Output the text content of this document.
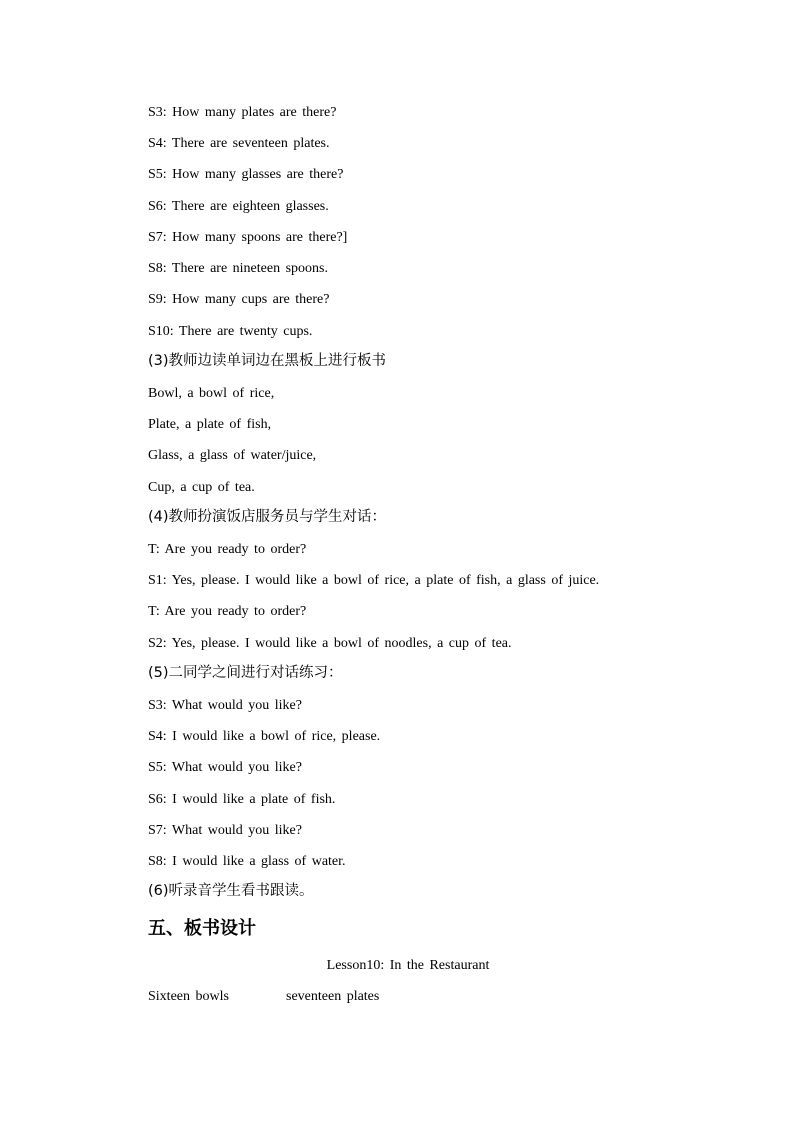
S3: How many plates are there?
S4: There are seventeen plates.
S5: How many glasses are there?
S6: There are eighteen glasses.
S7: How many spoons are there?]
S8: There are nineteen spoons.
S9: How many cups are there?
S10: There are twenty cups.
(3)教师边读单词边在黑板上进行板书
Bowl, a bowl of rice,
Plate, a plate of fish,
Glass, a glass of water/juice,
Cup, a cup of tea.
(4)教师扮演饭店服务员与学生对话：
T: Are you ready to order?
S1: Yes, please. I would like a bowl of rice, a plate of fish, a glass of juice.
T: Are you ready to order?
S2: Yes, please. I would like a bowl of noodles, a cup of tea.
(5)二同学之间进行对话练习：
S3: What would you like?
S4: I would like a bowl of rice, please.
S5: What would you like?
S6: I would like a plate of fish.
S7: What would you like?
S8: I would like a glass of water.
(6)听录音学生看书跟读。
五、板书设计
Lesson10: In the Restaurant
Sixteen bowls	seventeen plates
